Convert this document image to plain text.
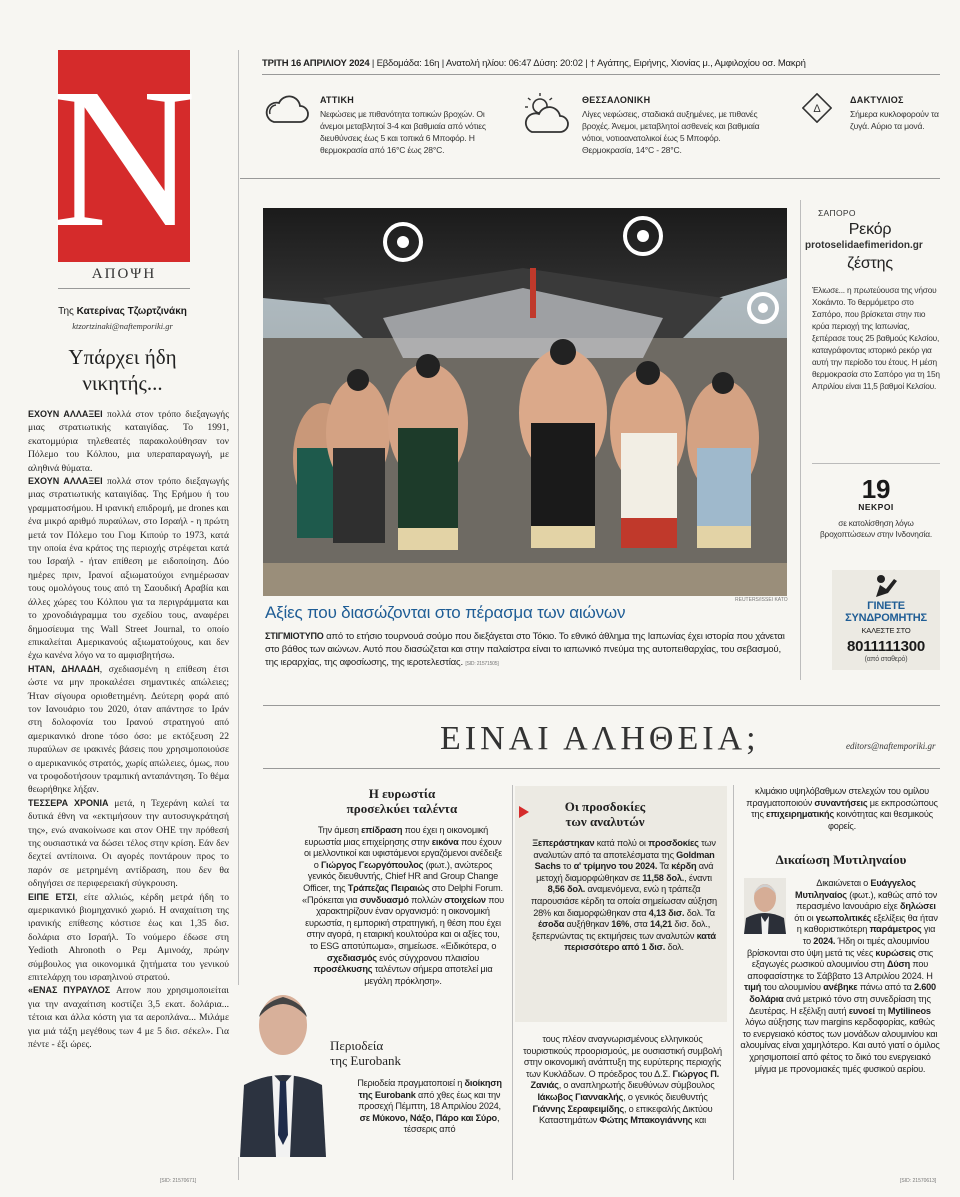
N
ΑΠΟΨΗ
Της Κατερίνας Τζωρτζινάκη
ktzortzinaki@naftemporiki.gr
Υπάρχει ήδη
νικητής...

ΕΧΟΥΝ ΑΛΛΑΞΕΙ πολλά στον τρόπο διεξαγωγής μιας στρατιωτικής καταιγίδας. Το 1991, εκατομμύρια τηλεθεατές παρακολούθησαν τον Πόλεμο του Κόλπου, μια υπεραπαραγωγή, με αληθινά θύματα.

ΕΧΟΥΝ ΑΛΛΑΞΕΙ πολλά στον τρόπο διεξαγωγής μιας στρατιωτικής καταιγίδας. Της Ερήμου ή του γραμματοσήμου. Η ιρανική επιδρομή, με drones και ένα μικρό αριθμό πυραύλων, στο Ισραήλ - η πρώτη μετά τον Πόλεμο του Γιομ Κιπούρ το 1973, κατά την οποία ένα κράτος της περιοχής στρέφεται κατά του Ισραήλ - ήταν επίθεση με ειδοποίηση. Δύο ημέρες πριν, Ιρανοί αξιωματούχοι ενημέρωσαν τους ομολόγους τους από τη Σαουδική Αραβία και άλλες χώρες του Κόλπου για τα περιγράμματα και το χρονοδιάγραμμα του σχεδίου τους, αναφέρει δημοσίευμα της Wall Street Journal, το οποίο επικαλείται Αμερικανούς αξιωματούχους, και δεν έχω κανένα λόγο να το αμφισβητήσω.

ΗΤΑΝ, ΔΗΛΑΔΗ, σχεδιασμένη η επίθεση έτσι ώστε να μην προκαλέσει σημαντικές απώλειες; Ήταν σίγουρα οριοθετημένη. Δεύτερη φορά από τον Ιανουάριο του 2020, όταν απάντησε το Ιράν στη δολοφονία του Ιρανού στρατηγού από αμερικανικό drone τόσο όσο: με εκτόξευση 22 πυραύλων σε ιρακινές βάσεις που χρησιμοποιούσε ο αμερικανικός στρατός, χωρίς απώλειες, όμως, που να τροφοδοτήσουν τραμπική ανταπάντηση. Το θέμα θεωρήθηκε λήξαν.

ΤΕΣΣΕΡΑ ΧΡΟΝΙΑ μετά, η Τεχεράνη καλεί τα δυτικά έθνη να «εκτιμήσουν την αυτοσυγκράτησή της», ενώ ανακοίνωσε και στον ΟΗΕ την πρόθεσή της ουσιαστικά να δώσει τέλος στην κρίση. Εάν δεν δεχτεί αντίποινα. Οι αγορές ποντάρουν προς το παρόν σε μετρημένη αντίδραση, που δεν θα οδηγήσει σε περιφερειακή σύγκρουση.

ΕΙΠΕ ΕΤΣΙ, είτε αλλιώς, κέρδη μετρά ήδη το αμερικανικό βιομηχανικό χωριό. Η αναχαίτιση της ιρανικής επίθεσης κόστισε έως και 1,35 δισ. δολάρια στο Ισραήλ. Το νούμερο έδωσε στη Yedioth Ahronoth ο Ρεμ Αμινοάχ, πρώην σύμβουλος για οικονομικά ζητήματα του γενικού επιτελάρχη του ισραηλινού στρατού.

«ΕΝΑΣ ΠΥΡΑΥΛΟΣ Arrow που χρησιμοποιείται για την αναχαίτιση κοστίζει 3,5 εκατ. δολάρια... τέτοια και άλλα κόστη για τα αεροπλάνα... Μιλάμε για μιά τάξη μεγέθους των 4 με 5 δισ. σέκελ». Για πέντε - έξι ώρες.

[SID: 21570671]
ΤΡΙΤΗ 16 ΑΠΡΙΛΙΟΥ 2024 | Εβδομάδα: 16η | Ανατολή ηλίου: 06:47 Δύση: 20:02 | † Αγάπης, Ειρήνης, Χιονίας μ., Αμφιλοχίου οσ. Μακρή
ΑΤΤΙΚΗ
Νεφώσεις με πιθανότητα τοπικών βροχών. Οι άνεμοι μεταβλητοί 3-4 και βαθμιαία από νότιες διευθύνσεις έως 5 και τοπικά 6 Μποφόρ. Η θερμοκρασία από 16°C έως 28°C.
ΘΕΣΣΑΛΟΝΙΚΗ
Λίγες νεφώσεις, σταδιακά αυξημένες, με πιθανές βροχές. Άνεμοι, μεταβλητοί ασθενείς και βαθμιαία νότιοι, νοτιοανατολικοί έως 5 Μποφόρ. Θερμοκρασία, 14°C - 28°C.
Δ
ΔΑΚΤΥΛΙΟΣ
Σήμερα κυκλοφορούν τα ζυγά. Αύριο τα μονά.
REUTERS/ISSEI KATO
Αξίες που διασώζονται στο πέρασμα των αιώνων
ΣΤΙΓΜΙΟΤΥΠΟ από το ετήσιο τουρνουά σούμο που διεξάγεται στο Τόκιο. Το εθνικό άθλημα της Ιαπωνίας έχει ιστορία που χάνεται στο βάθος των αιώνων. Αυτό που διασώζεται και στην παλαίστρα είναι το ιαπωνικό πνεύμα της αυτοπειθαρχίας, του σεβασμού, της ιεραρχίας, της αφοσίωσης, της ιεροτελεστίας. [SID: 21571505]
ΣΑΠΟΡΟ
Ρεκόρ
ζέστης
protoselidaefimeridon.gr
Έλιωσε... η πρωτεύουσα της νήσου Χοκάιντο. Το θερμόμετρο στο Σαπόρο, που βρίσκεται στην πιο κρύα περιοχή της Ιαπωνίας, ξεπέρασε τους 25 βαθμούς Κελσίου, καταγράφοντας ιστορικό ρεκόρ για αυτή την περίοδο του έτους. Η μέση θερμοκρασία στο Σαπόρο για τη 15η Απριλίου είναι 11,5 βαθμοί Κελσίου.
19
ΝΕΚΡΟΙ
σε κατολίσθηση λόγω βροχοπτώσεων στην Ινδονησία.
ΓΙΝΕΤΕ
ΣΥΝΔΡΟΜΗΤΗΣ
ΚΑΛΕΣΤΕ ΣΤΟ
8011111300
(από σταθερό)
ΕΙΝΑΙ ΑΛΗΘΕΙΑ;	editors@naftemporiki.gr
Η ευρωστία
προσελκύει ταλέντα
Την άμεση επίδραση που έχει η οικονομική ευρωστία μιας επιχείρησης στην εικόνα που έχουν οι μελλοντικοί και υφιστάμενοι εργαζόμενοι ανέδειξε ο Γιώργος Γεωργόπουλος (φωτ.), ανώτερος γενικός διευθυντής, Chief HR and Group Change Officer, της Τράπεζας Πειραιώς στο Delphi Forum. «Πρόκειται για συνδυασμό πολλών στοιχείων που χαρακτηρίζουν έναν οργανισμό: η οικονομική ευρωστία, η εμπορική στρατηγική, η θέση που έχει στην αγορά, η εταιρική κουλτούρα και οι αξίες του, το ESG αποτύπωμα», σημείωσε. «Ειδικότερα, ο σχεδιασμός ενός σύγχρονου πλαισίου προσέλκυσης ταλέντων σήμερα αποτελεί μια μεγάλη πρόκληση».
Περιοδεία
της Eurobank
Περιοδεία πραγματοποιεί η διοίκηση της Eurobank από χθες έως και την προσεχή Πέμπτη, 18 Απριλίου 2024, σε Μύκονο, Νάξο, Πάρο και Σύρο, τέσσερις από
Οι προσδοκίες
των αναλυτών
Ξεπεράστηκαν κατά πολύ οι προσδοκίες των αναλυτών από τα αποτελέσματα της Goldman Sachs το α' τρίμηνο του 2024. Τα κέρδη ανά μετοχή διαμορφώθηκαν σε 11,58 δολ., έναντι 8,56 δολ. αναμενόμενα, ενώ η τράπεζα παρουσιάσε κέρδη τα οποία σημείωσαν αύξηση 28% και διαμορφώθηκαν στα 4,13 δισ. δολ. Τα έσοδα αυξήθηκαν 16%, στα 14,21 δισ. δολ., ξεπερνώντας τις εκτιμήσεις των αναλυτών κατά περισσότερο από 1 δισ. δολ.
τους πλέον αναγνωρισμένους ελληνικούς τουριστικούς προορισμούς, με ουσιαστική συμβολή στην οικονομική ανάπτυξη της ευρύτερης περιοχής των Κυκλάδων. Ο πρόεδρος του Δ.Σ. Γιώργος Π. Ζανιάς, ο αναπληρωτής διευθύνων σύμβουλος Ιάκωβος Γιαννακλής, ο γενικός διευθυντής Γιάννης Σεραφειμίδης, ο επικεφαλής Δικτύου Καταστημάτων Φώτης Μπακογιάννης και
κλιμάκιο υψηλόβαθμων στελεχών του ομίλου πραγματοποιούν συναντήσεις με εκπροσώπους της επιχειρηματικής κοινότητας και θεσμικούς φορείς.
Δικαίωση Μυτιληναίου
Δικαιώνεται ο Ευάγγελος Μυτιληναίος (φωτ.), καθώς από τον περασμένο Ιανουάριο είχε δηλώσει ότι οι γεωπολιτικές εξελίξεις θα ήταν η καθοριστικότερη παράμετρος για το 2024. Ήδη οι τιμές αλουμινίου βρίσκονται στο ύψη μετά τις νέες κυρώσεις στις εξαγωγές ρωσικού αλουμινίου στη Δύση που αποφασίστηκε το Σάββατο 13 Απριλίου 2024. Η τιμή του αλουμινίου ανέβηκε πάνω από τα 2.600 δολάρια ανά μετρικό τόνο στη συνεδρίαση της Δευτέρας. Η εξέλιξη αυτή ευνοεί τη Mytilineos λόγω αύξησης των margins κερδοφορίας, καθώς το ενεργειακό κόστος των μονάδων αλουμινίου και αλουμίνας είναι χαμηλότερο. Και αυτό γιατί ο όμιλος χρησιμοποιεί από φέτος το δικό του ενεργειακό μίγμα με προνομιακές τιμές φυσικού αερίου.
[SID: 21570613]
